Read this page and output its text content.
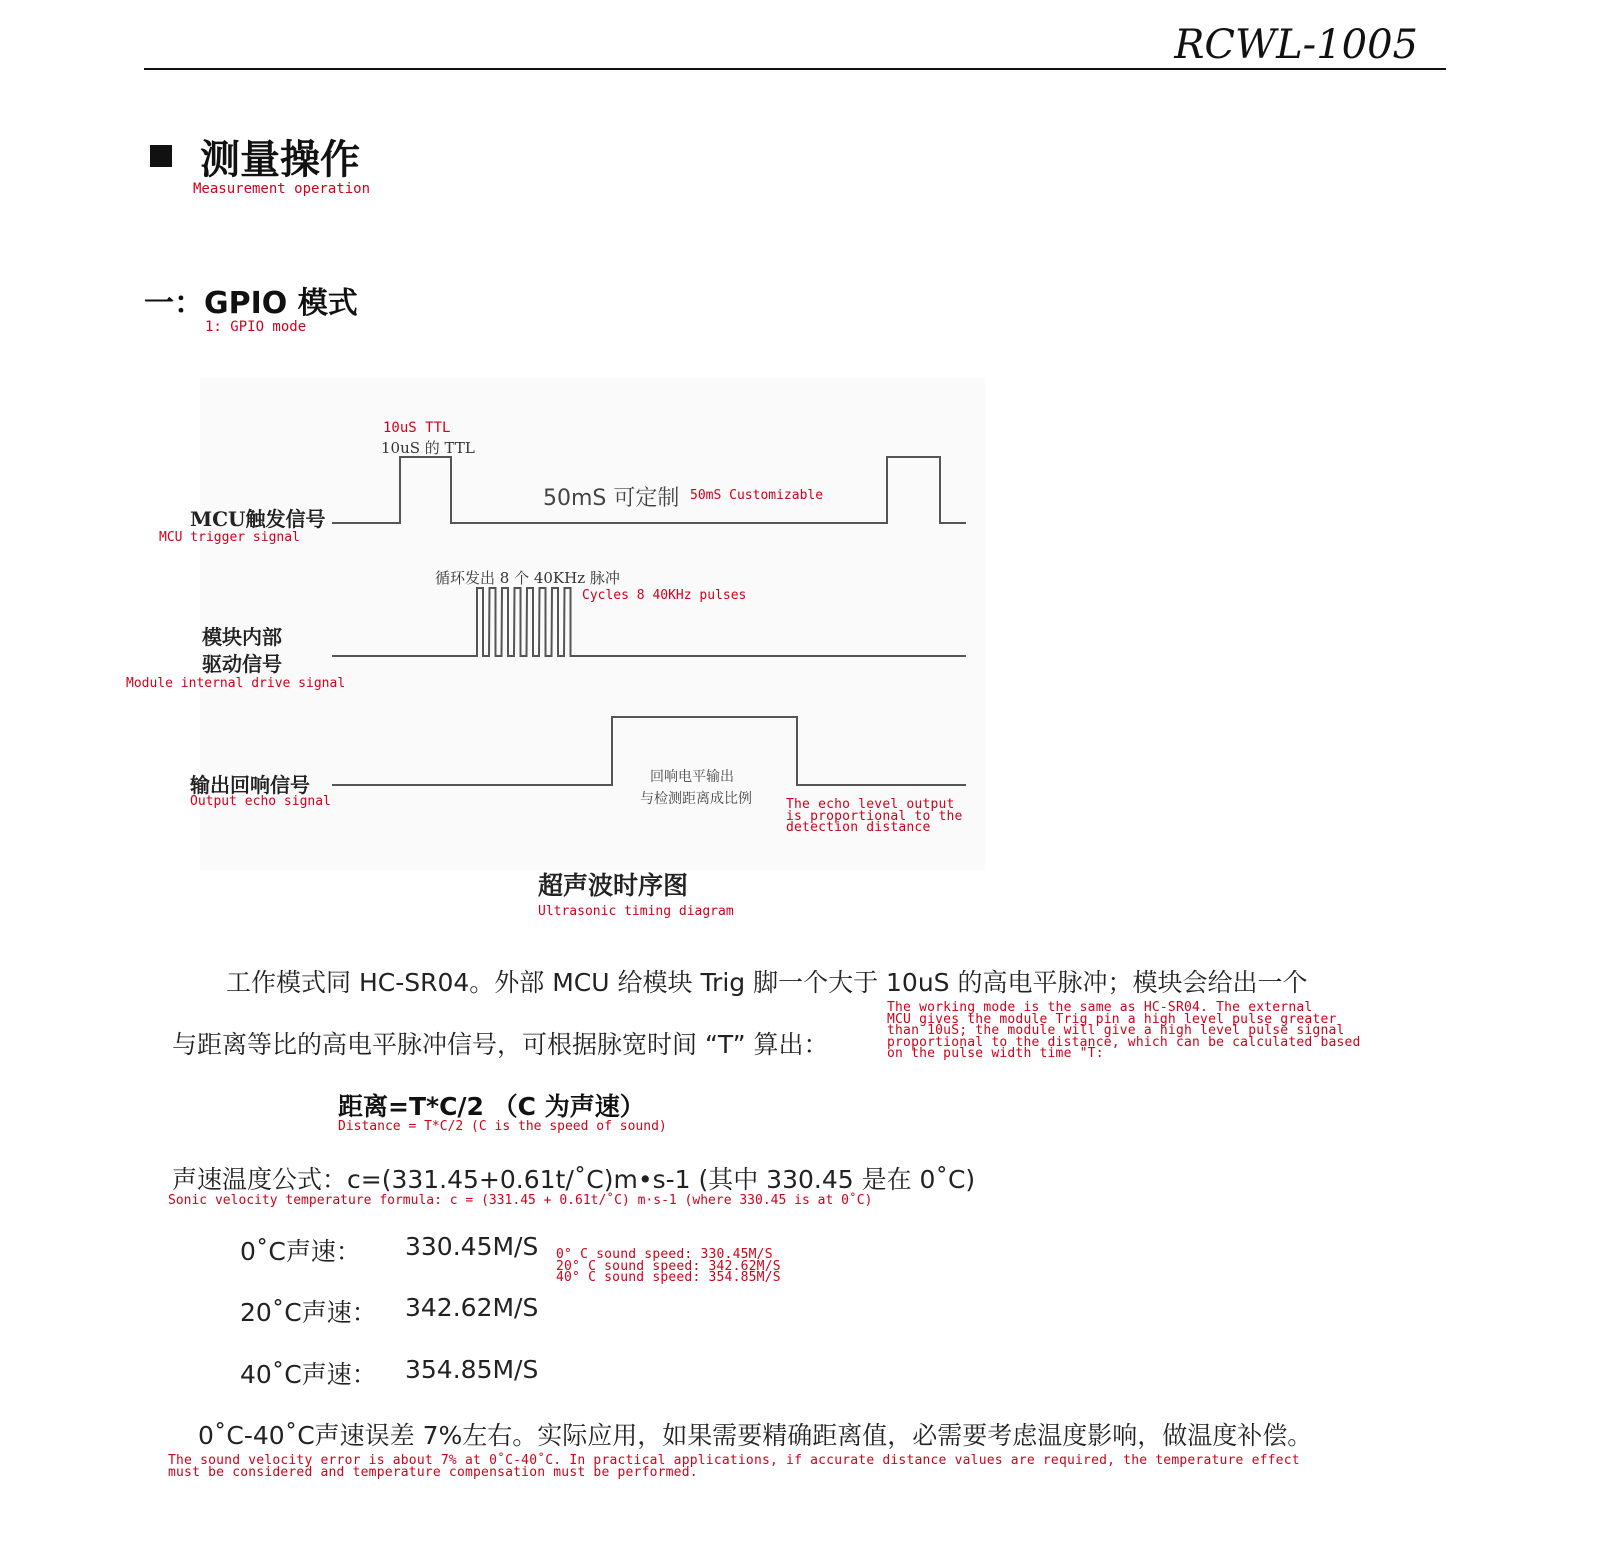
RCWL-1005
测量操作
Measurement operation
一：GPIO 模式
1: GPIO mode
10uS TTL
10uS 的 TTL
50mS 可定制 50mS Customizable
MCU触发信号
MCU trigger signal
循环发出 8 个 40KHz 脉冲
Cycles 8 40KHz pulses
模块内部
驱动信号
Module internal drive signal
输出回响信号
Output echo signal
回响电平输出
与检测距离成比例	The echo level output
is proportional to the
detection distance
超声波时序图
Ultrasonic timing diagram
工作模式同 HC-SR04。外部 MCU 给模块 Trig 脚一个大于 10uS 的高电平脉冲；模块会给出一个
与距离等比的高电平脉冲信号，可根据脉宽时间 “T” 算出：
The working mode is the same as HC-SR04. The external
MCU gives the module Trig pin a high level pulse greater
than 10uS; the module will give a high level pulse signal
proportional to the distance, which can be calculated based
on the pulse width time "T:
距离=T*C/2 （C 为声速）
Distance = T*C/2 (C is the speed of sound)
声速温度公式：c=(331.45+0.61t/˚C)m•s-1 (其中 330.45 是在 0˚C)
Sonic velocity temperature formula: c = (331.45 + 0.61t/˚C) m·s-1 (where 330.45 is at 0˚C)
0˚C声速： 330.45M/S
20˚C声速： 342.62M/S
40˚C声速： 354.85M/S
0° C sound speed: 330.45M/S
20° C sound speed: 342.62M/S
40° C sound speed: 354.85M/S
0˚C-40˚C声速误差 7%左右。实际应用，如果需要精确距离值，必需要考虑温度影响，做温度补偿。
The sound velocity error is about 7% at 0˚C-40˚C. In practical applications, if accurate distance values are required, the temperature effect
must be considered and temperature compensation must be performed.
